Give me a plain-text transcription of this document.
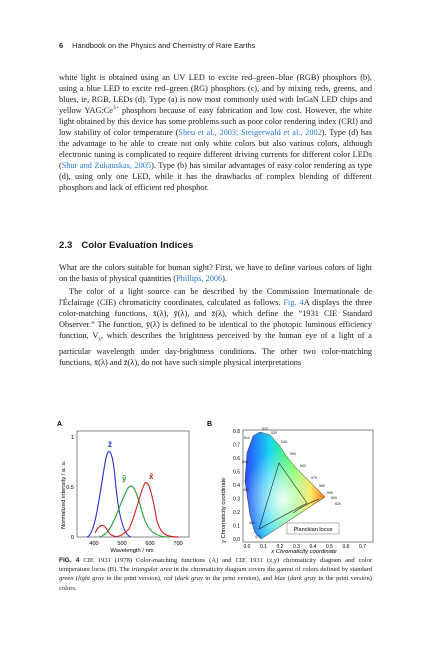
6 Handbook on the Physics and Chemistry of Rare Earths

white light is obtained using an UV LED to excite red–green–blue (RGB) phosphors (b), using a blue LED to excite red–green (RG) phosphors (c), and by mixing reds, greens, and blues, ie, RGB, LEDs (d). Type (a) is now most commonly used with InGaN LED chips and yellow $YAG:Ce^{3+}$ phosphors because of easy fabrication and low cost. However, the white light obtained by this device has some problems such as poor color rendering index (CRI) and low stability of color temperature (Sheu et al., 2003; Steigerwald et al., 2002). Type (d) has the advantage to be able to create not only white colors but also various colors, although electronic tuning is complicated to require different driving currents for different color LEDs (Shur and Zukauskas, 2005). Type (b) has similar advantages of easy color rendering as type (d), using only one LED, while it has the drawbacks of complex blending of different phosphors and lack of efficient red phosphor.

2.3 Color Evaluation Indices

What are the colors suitable for human sight? First, we have to define various colors of light on the basis of physical quantities (Phillips, 2006).

The color of a light source can be described by the Commission Internationale de l'Éclairage (CIE) chromaticity coordinates, calculated as follows. Fig. 4A displays the three color-matching functions, x̄(λ), ȳ(λ), and z̄(λ), which define the “1931 CIE Standard Observer.” The function, ȳ(λ) is defined to be identical to the photopic luminous efficiency function, $V_\lambda$, which describes the brightness perceived by the human eye of a light of a particular wavelength under day-brightness conditions. The other two color-matching functions, x̄(λ) and z̄(λ), do not have such simple physical interpretations

A
Normalized intensity / a. u.
Wavelength / nm
400	500	600	700
1
0.5
0
z̄
ȳ	x̄
B
y Chromaticity coordinate
x Chromaticity coordinate
0.0 0.1 0.2 0.3 0.4 0.5 0.6 0.7
0.8
0.7
0.6
0.5
0.4
0.3
0.2
0.1
0.0
Planckian locus
520
530
540
550
560
570
580
590
600
620
510
500
490
480
470

FIG. 4 CIE 1931 (1978) Color-matching functions (A) and CIE 1931 (x,y) chromaticity diagram and color temperature locus (B). The triangular area in the chromaticity diagram covers the gamut of colors defined by standard green (light gray in the print version), red (dark gray in the print version), and blue (dark gray in the print version) colors.
